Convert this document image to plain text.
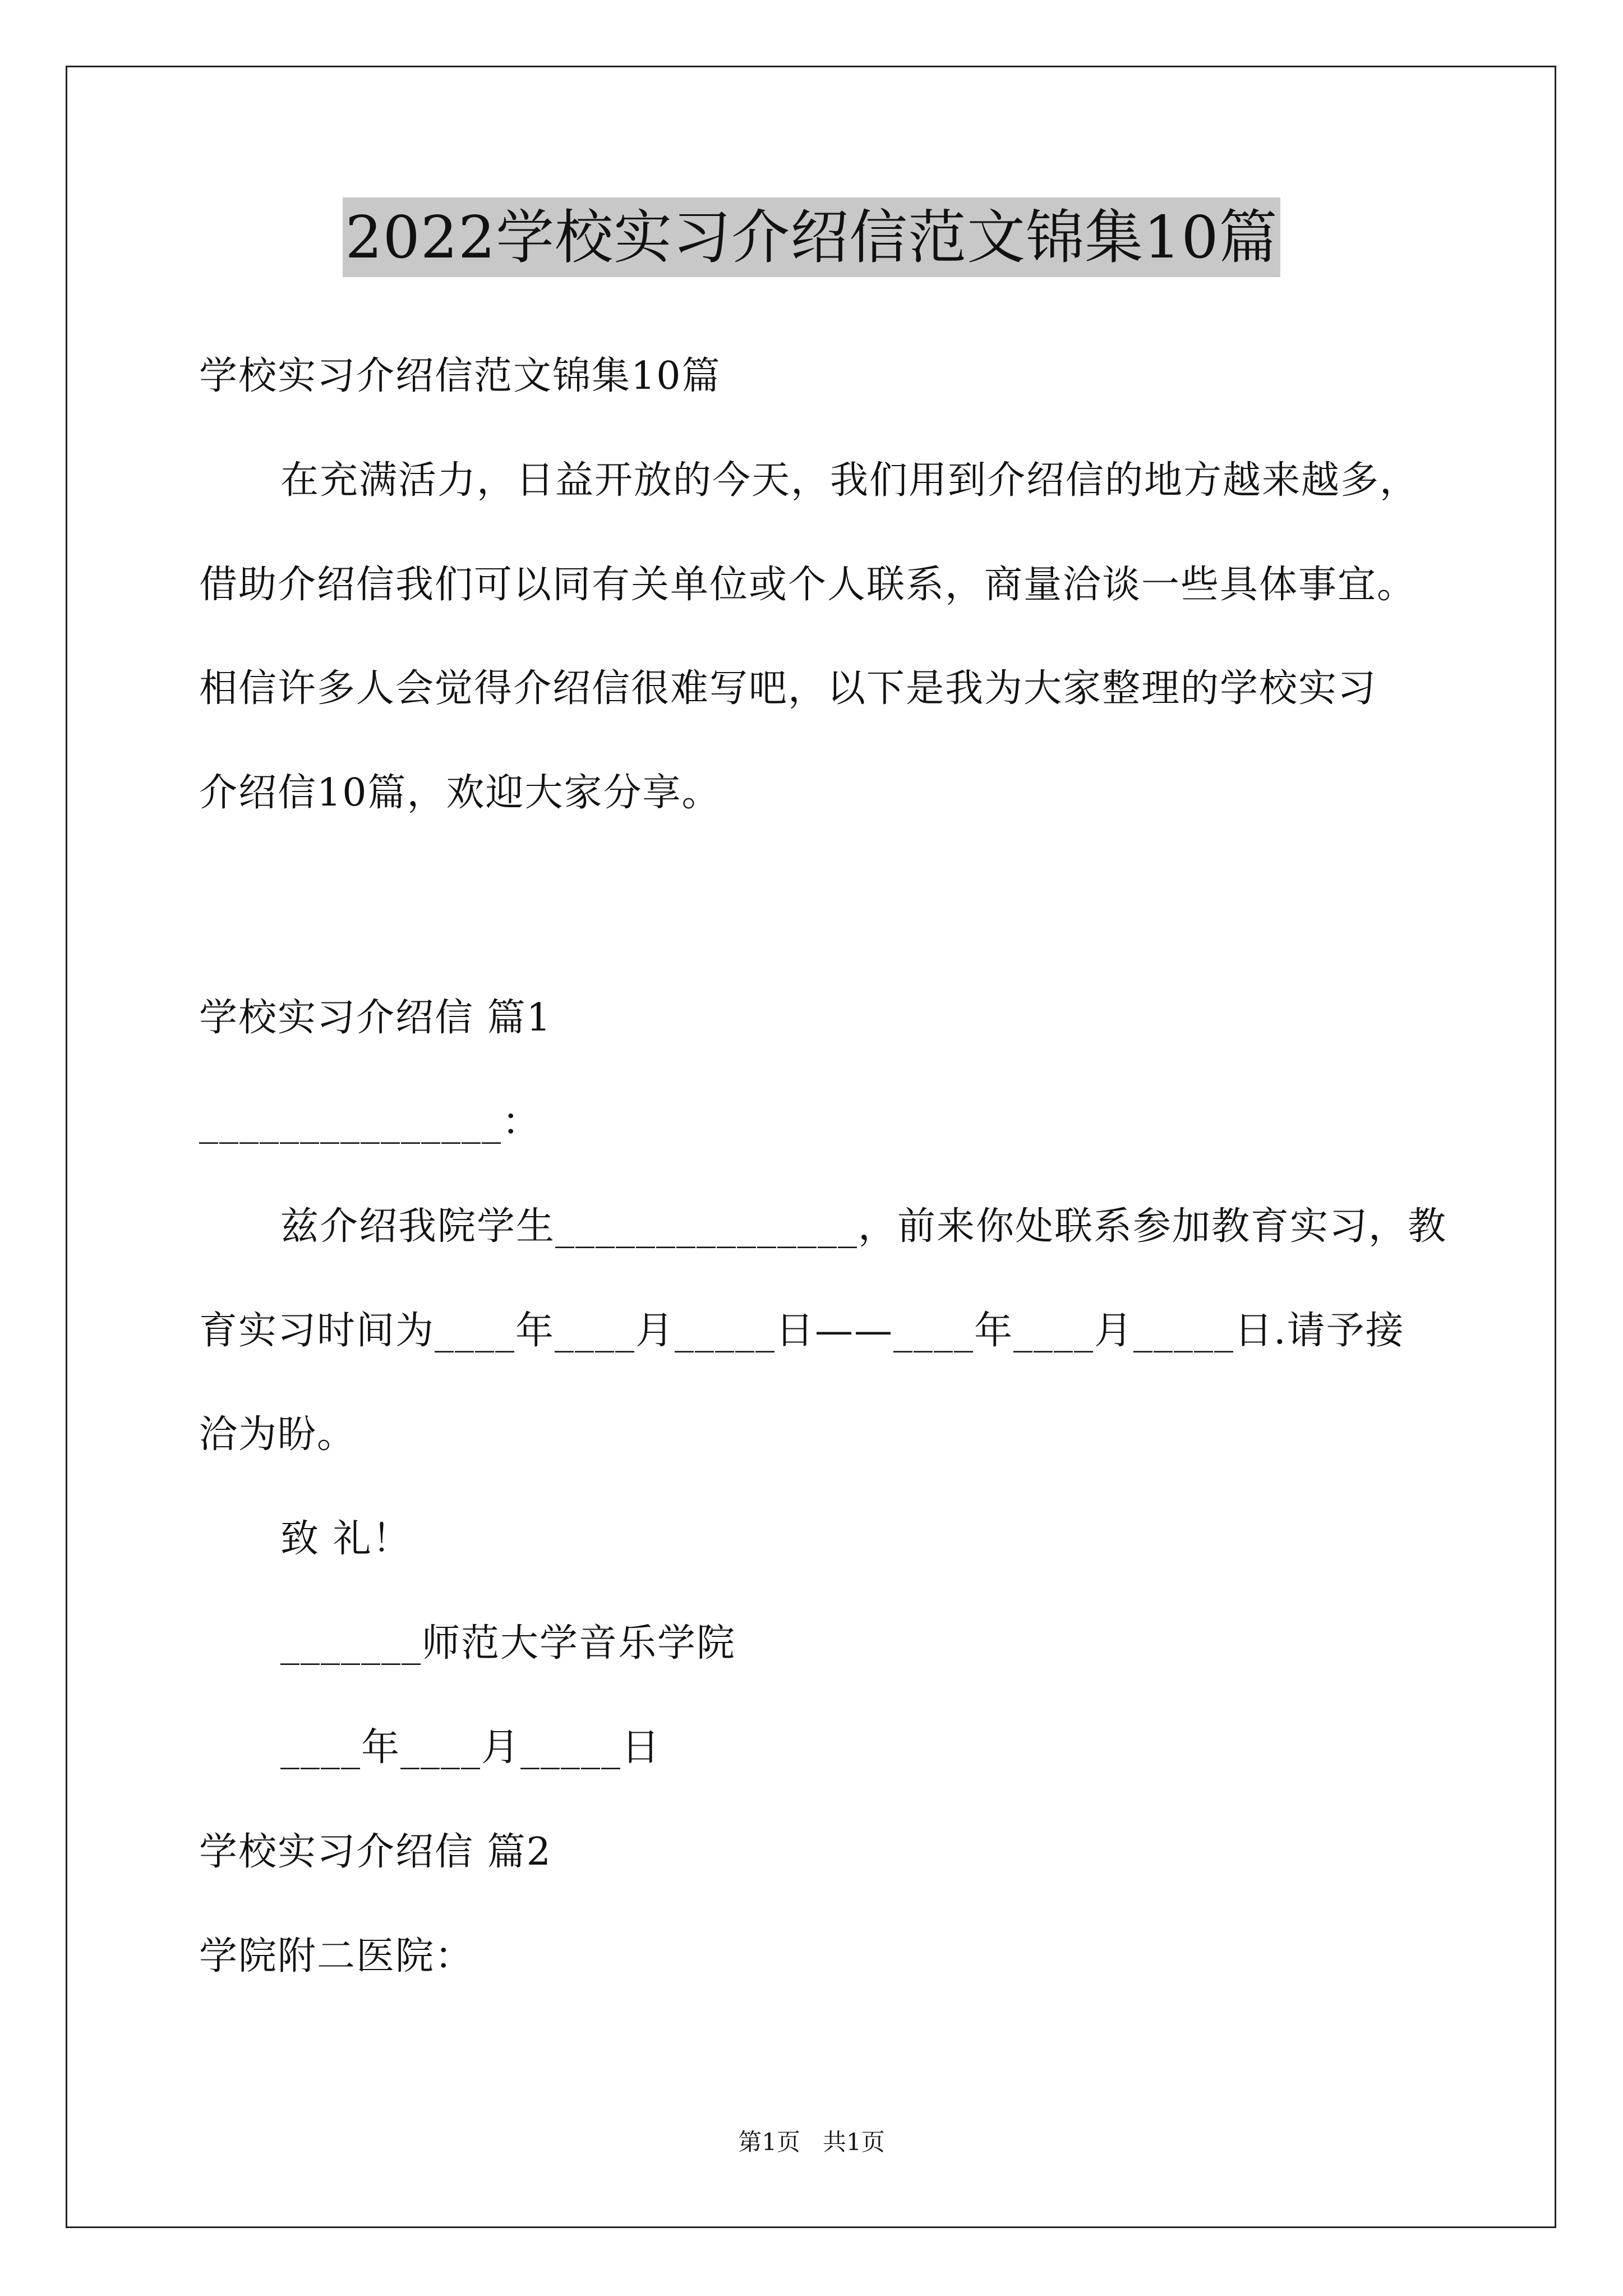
2022学校实习介绍信范文锦集10篇
学校实习介绍信范文锦集10篇
在充满活力，日益开放的今天，我们用到介绍信的地方越来越多，
借助介绍信我们可以同有关单位或个人联系，商量洽谈一些具体事宜。
相信许多人会觉得介绍信很难写吧，以下是我为大家整理的学校实习
介绍信10篇，欢迎大家分享。
学校实习介绍信 篇1
_______________：
兹介绍我院学生_______________，前来你处联系参加教育实习，教
育实习时间为____年____月_____日——____年____月_____日.请予接
洽为盼。
致 礼！
_______师范大学音乐学院
____年____月_____日
学校实习介绍信 篇2
学院附二医院：
第1页   共1页
